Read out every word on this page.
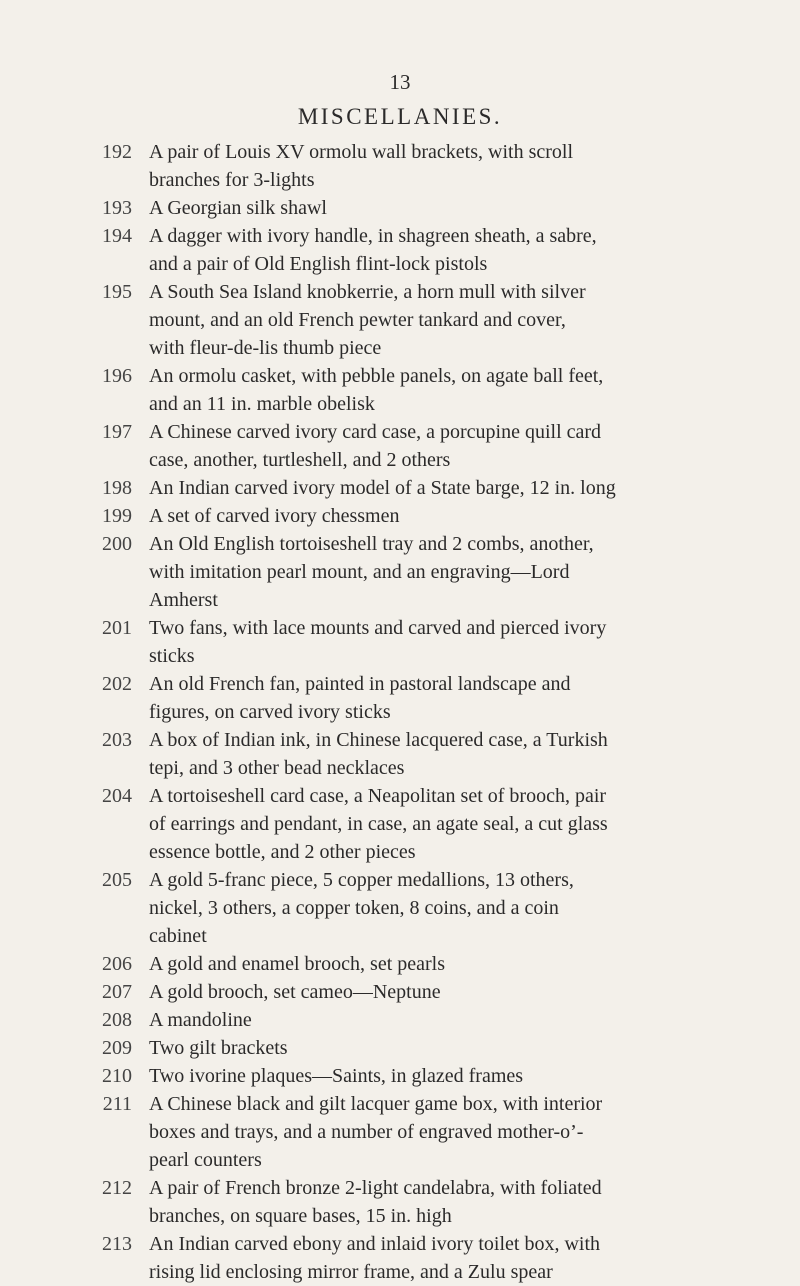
13
MISCELLANIES.
192 A pair of Louis XV ormolu wall brackets, with scroll
branches for 3-lights
193 A Georgian silk shawl
194 A dagger with ivory handle, in shagreen sheath, a sabre,
and a pair of Old English flint-lock pistols
195 A South Sea Island knobkerrie, a horn mull with silver
mount, and an old French pewter tankard and cover,
with fleur-de-lis thumb piece
196 An ormolu casket, with pebble panels, on agate ball feet,
and an 11 in. marble obelisk
197 A Chinese carved ivory card case, a porcupine quill card
case, another, turtleshell, and 2 others
198 An Indian carved ivory model of a State barge, 12 in. long
199 A set of carved ivory chessmen
200 An Old English tortoiseshell tray and 2 combs, another,
with imitation pearl mount, and an engraving—Lord
Amherst
201 Two fans, with lace mounts and carved and pierced ivory
sticks
202 An old French fan, painted in pastoral landscape and
figures, on carved ivory sticks
203 A box of Indian ink, in Chinese lacquered case, a Turkish
tepi, and 3 other bead necklaces
204 A tortoiseshell card case, a Neapolitan set of brooch, pair
of earrings and pendant, in case, an agate seal, a cut glass
essence bottle, and 2 other pieces
205 A gold 5-franc piece, 5 copper medallions, 13 others,
nickel, 3 others, a copper token, 8 coins, and a coin
cabinet
206 A gold and enamel brooch, set pearls
207 A gold brooch, set cameo—Neptune
208 A mandoline
209 Two gilt brackets
210 Two ivorine plaques—Saints, in glazed frames
211 A Chinese black and gilt lacquer game box, with interior
boxes and trays, and a number of engraved mother-o’-
pearl counters
212 A pair of French bronze 2-light candelabra, with foliated
branches, on square bases, 15 in. high
213 An Indian carved ebony and inlaid ivory toilet box, with
rising lid enclosing mirror frame, and a Zulu spear
